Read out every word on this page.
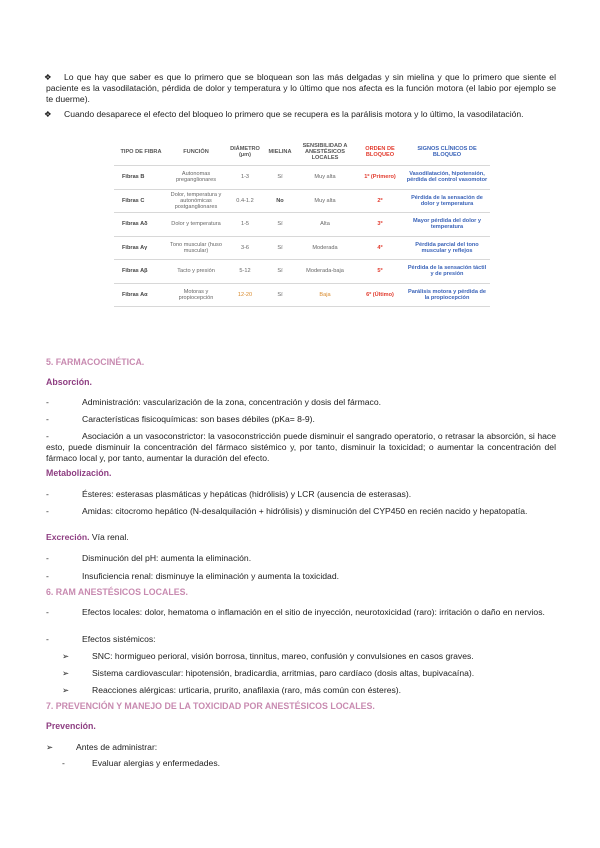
❖ Lo que hay que saber es que lo primero que se bloquean son las más delgadas y sin mielina y que lo primero que siente el paciente es la vasodilatación, pérdida de dolor y temperatura y lo último que nos afecta es la función motora (el labio por ejemplo se te duerme).
❖ Cuando desaparece el efecto del bloqueo lo primero que se recupera es la parálisis motora y lo último, la vasodilatación.
TIPO DE FIBRA	FUNCIÓN	DIÁMETRO (µm)	MIELINA	SENSIBILIDAD A ANESTÉSICOS LOCALES	ORDEN DE BLOQUEO	SIGNOS CLÍNICOS DE BLOQUEO
Fibras B	Autonomas preganglionares	1-3	Sí	Muy alta	1º (Primero)	Vasodilatación, hipotensión, pérdida del control vasomotor
Fibras C	Dolor, temperatura y autonómicas postganglionares	0.4-1.2	No	Muy alta	2º	Pérdida de la sensación de dolor y temperatura
Fibras Aδ	Dolor y temperatura	1-5	Sí	Alta	3º	Mayor pérdida del dolor y temperatura
Fibras Aγ	Tono muscular (huso muscular)	3-6	Sí	Moderada	4º	Pérdida parcial del tono muscular y reflejos
Fibras Aβ	Tacto y presión	5-12	Sí	Moderada-baja	5º	Pérdida de la sensación táctil y de presión
Fibras Aα	Motoras y propiocepción	12-20	Sí	Baja	6º (Último)	Parálisis motora y pérdida de la propiocepción
5. FARMACOCINÉTICA.
Absorción.
-	Administración: vascularización de la zona, concentración y dosis del fármaco.
-	Características fisicoquímicas: son bases débiles (pKa= 8-9).
-	Asociación a un vasoconstrictor: la vasoconstricción puede disminuir el sangrado operatorio, o retrasar la absorción, si hace esto, puede disminuir la concentración del fármaco sistémico y, por tanto, disminuir la toxicidad; o aumentar la concentración del fármaco local y, por tanto, aumentar la duración del efecto.
Metabolización.
-	Ésteres: esterasas plasmáticas y hepáticas (hidrólisis) y LCR (ausencia de esterasas).
-	Amidas: citocromo hepático (N-desalquilación + hidrólisis) y disminución del CYP450 en recién nacido y hepatopatía.
Excreción. Vía renal.
-	Disminución del pH: aumenta la eliminación.
-	Insuficiencia renal: disminuye la eliminación y aumenta la toxicidad.
6. RAM ANESTÉSICOS LOCALES.
-	Efectos locales: dolor, hematoma o inflamación en el sitio de inyección, neurotoxicidad (raro): irritación o daño en nervios.
-	Efectos sistémicos:
➢	SNC: hormigueo perioral, visión borrosa, tinnitus, mareo, confusión y convulsiones en casos graves.
➢	Sistema cardiovascular: hipotensión, bradicardia, arritmias, paro cardíaco (dosis altas, bupivacaína).
➢	Reacciones alérgicas: urticaria, prurito, anafilaxia (raro, más común con ésteres).
7. PREVENCIÓN Y MANEJO DE LA TOXICIDAD POR ANESTÉSICOS LOCALES.
Prevención.
➢	Antes de administrar:
-	Evaluar alergias y enfermedades.
